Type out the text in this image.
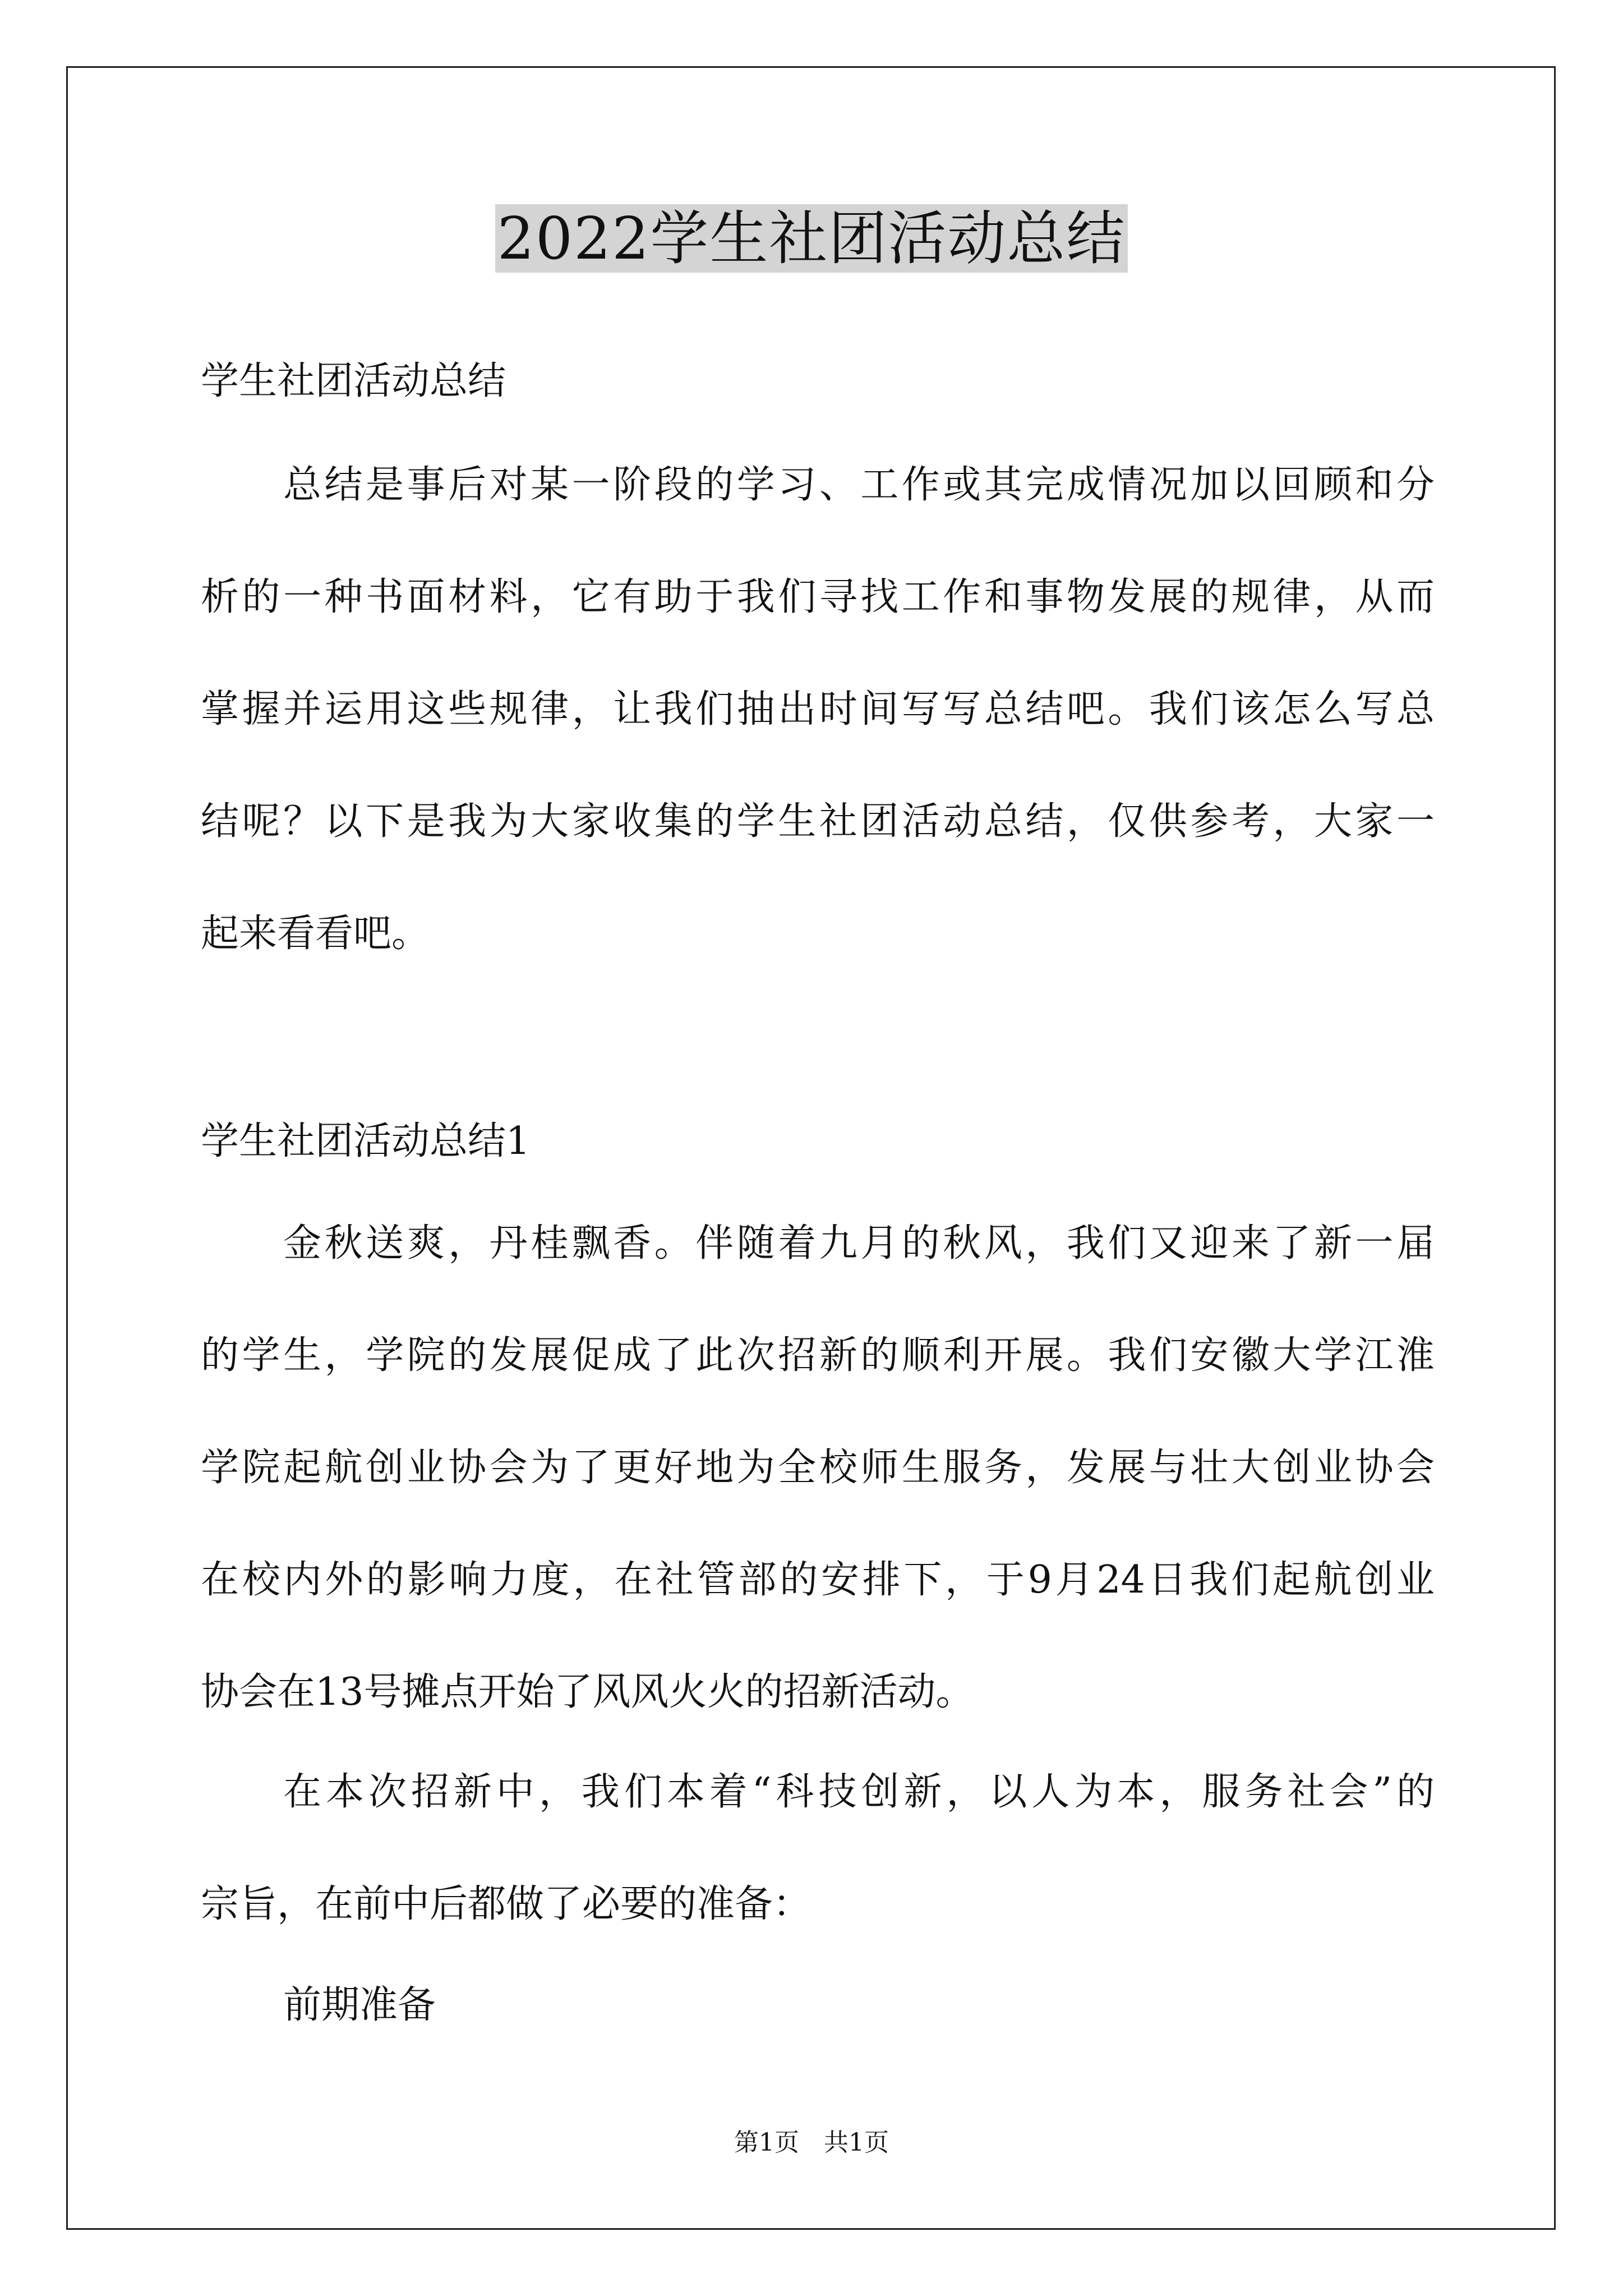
2022学生社团活动总结
学生社团活动总结
总结是事后对某一阶段的学习、工作或其完成情况加以回顾和分
析的一种书面材料，它有助于我们寻找工作和事物发展的规律，从而
掌握并运用这些规律，让我们抽出时间写写总结吧。我们该怎么写总
结呢？以下是我为大家收集的学生社团活动总结，仅供参考，大家一
起来看看吧。
学生社团活动总结1
金秋送爽，丹桂飘香。伴随着九月的秋风，我们又迎来了新一届
的学生，学院的发展促成了此次招新的顺利开展。我们安徽大学江淮
学院起航创业协会为了更好地为全校师生服务，发展与壮大创业协会
在校内外的影响力度，在社管部的安排下，于9月24日我们起航创业
协会在13号摊点开始了风风火火的招新活动。
在本次招新中，我们本着“科技创新，以人为本，服务社会”的
宗旨，在前中后都做了必要的准备：
前期准备
第1页　共1页
